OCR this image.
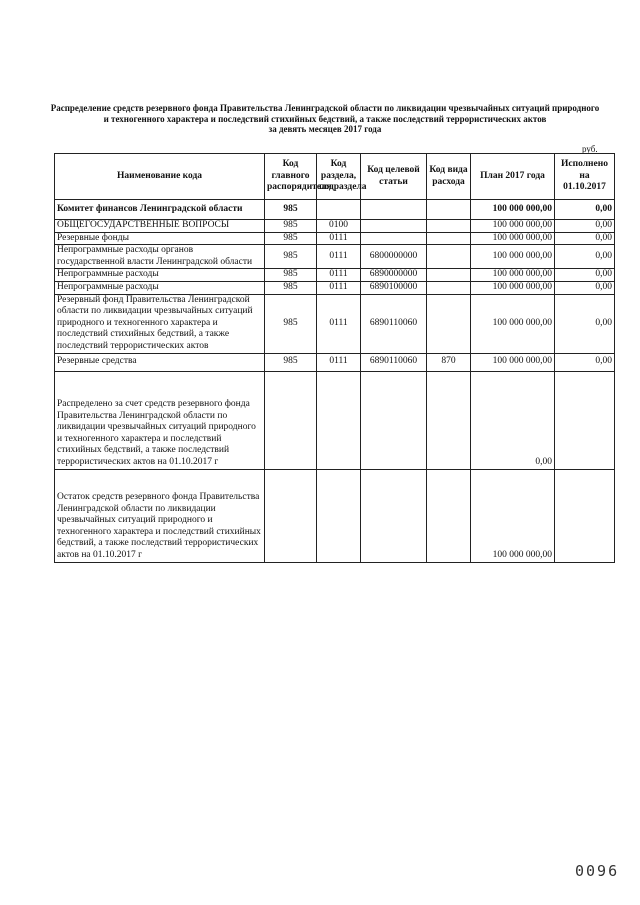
Распределение средств резервного фонда Правительства Ленинградской области по ликвидации чрезвычайных ситуаций природного
и техногенного характера и последствий стихийных бедствий, а также последствий террористических актов
за девять месяцев 2017 года
руб.
Наименование кода	Код главного распорядителя	Код раздела, подраздела	Код целевой статьи	Код вида расхода	План 2017 года	Исполнено на 01.10.2017
Комитет финансов Ленинградской области	985				100 000 000,00	0,00
ОБЩЕГОСУДАРСТВЕННЫЕ ВОПРОСЫ	985	0100			100 000 000,00	0,00
Резервные фонды	985	0111			100 000 000,00	0,00
Непрограммные расходы органов государственной власти Ленинградской области	985	0111	6800000000		100 000 000,00	0,00
Непрограммные расходы	985	0111	6890000000		100 000 000,00	0,00
Непрограммные расходы	985	0111	6890100000		100 000 000,00	0,00
Резервный фонд Правительства Ленинградской области по ликвидации чрезвычайных ситуаций природного и техногенного характера и последствий стихийных бедствий, а также последствий террористических актов	985	0111	6890110060		100 000 000,00	0,00
Резервные средства	985	0111	6890110060	870	100 000 000,00	0,00
Распределено за счет средств резервного фонда Правительства Ленинградской области по ликвидации чрезвычайных ситуаций природного и техногенного характера и последствий стихийных бедствий, а также последствий террористических актов на 01.10.2017 г					0,00	
Остаток средств резервного фонда Правительства Ленинградской области по ликвидации чрезвычайных ситуаций природного и техногенного характера и последствий стихийных бедствий, а также последствий террористических актов на 01.10.2017 г					100 000 000,00	
0096
